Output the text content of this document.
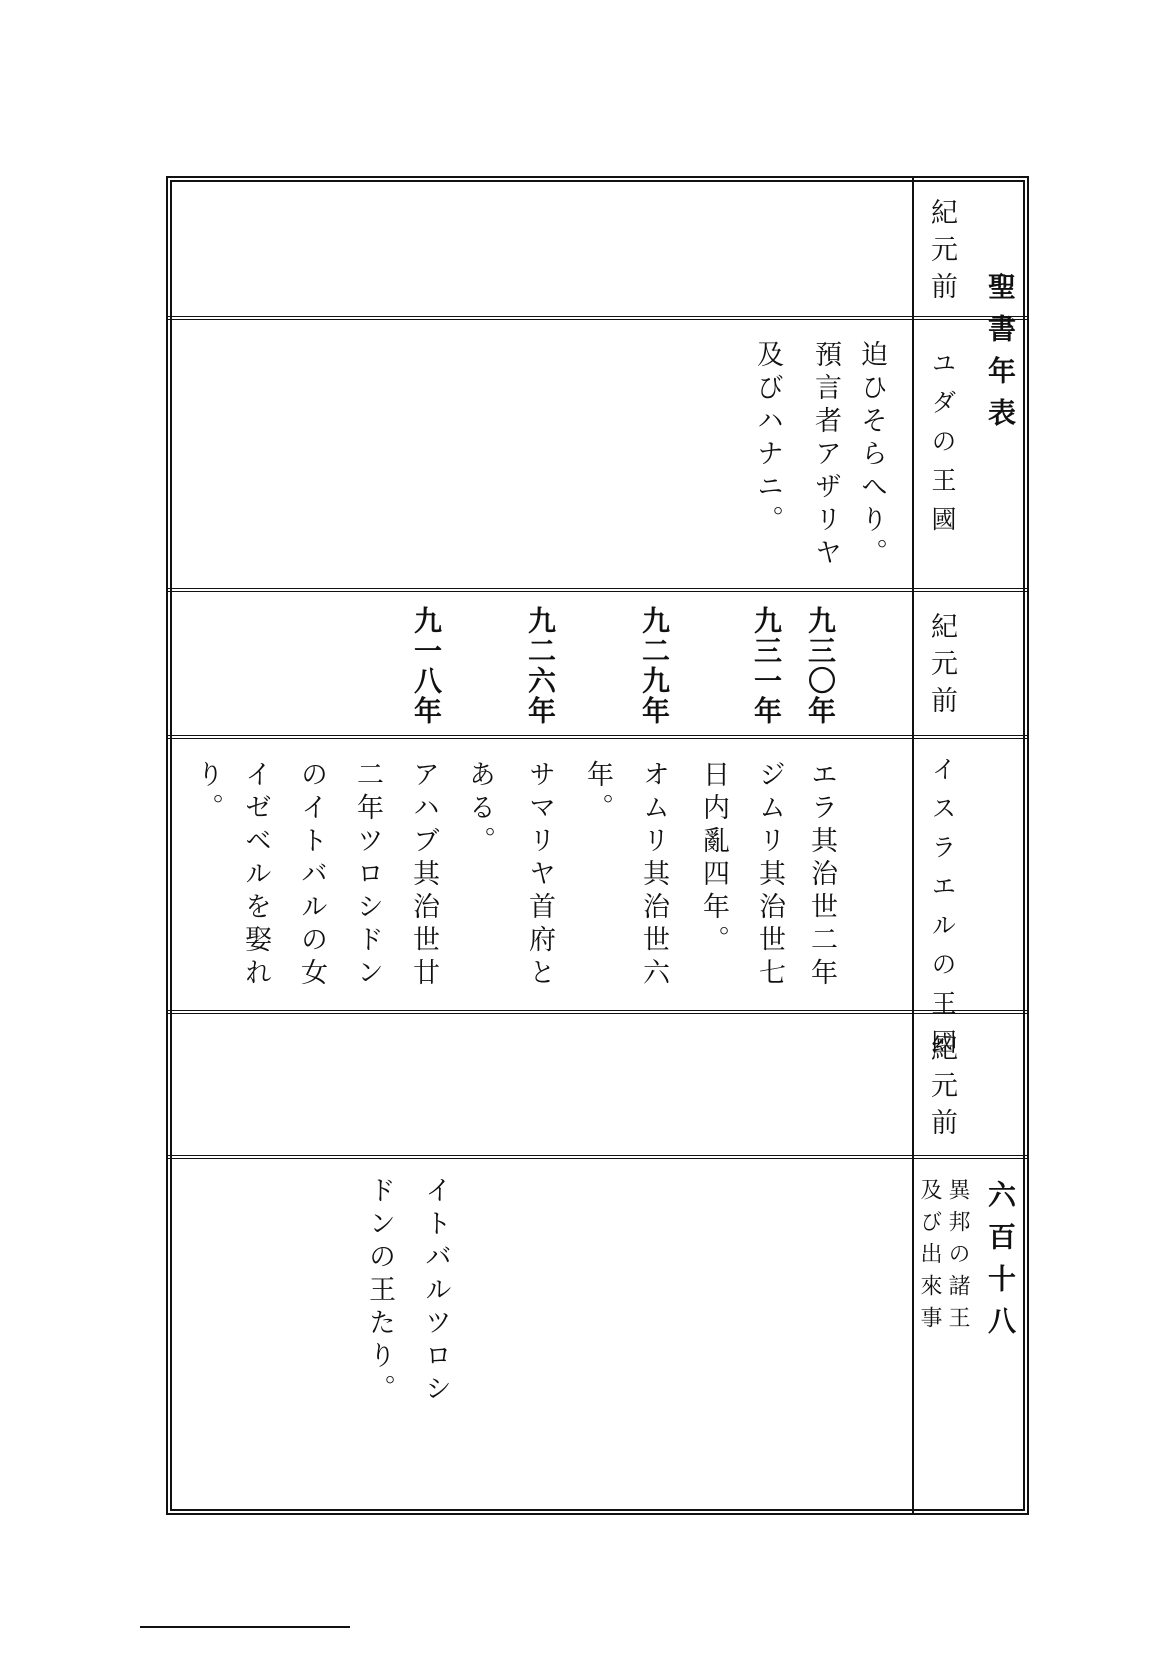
聖書年表
六百十八
紀元前
ユダの王國
迫ひそらへり。
預言者アザリヤ
及びハナニ。
紀元前
九三〇年
九三一年
九二九年
九二六年
九一八年
イスラエルの王國
エラ其治世二年
ジムリ其治世七
日内亂四年。
オムリ其治世六
年。
サマリヤ首府と
ある。
アハブ其治世廿
二年ツロシドン
のイトバルの女
イゼベルを娶れ
り。
紀元前
異邦の諸王
及び出來事
イトバルツロシ
ドンの王たり。
